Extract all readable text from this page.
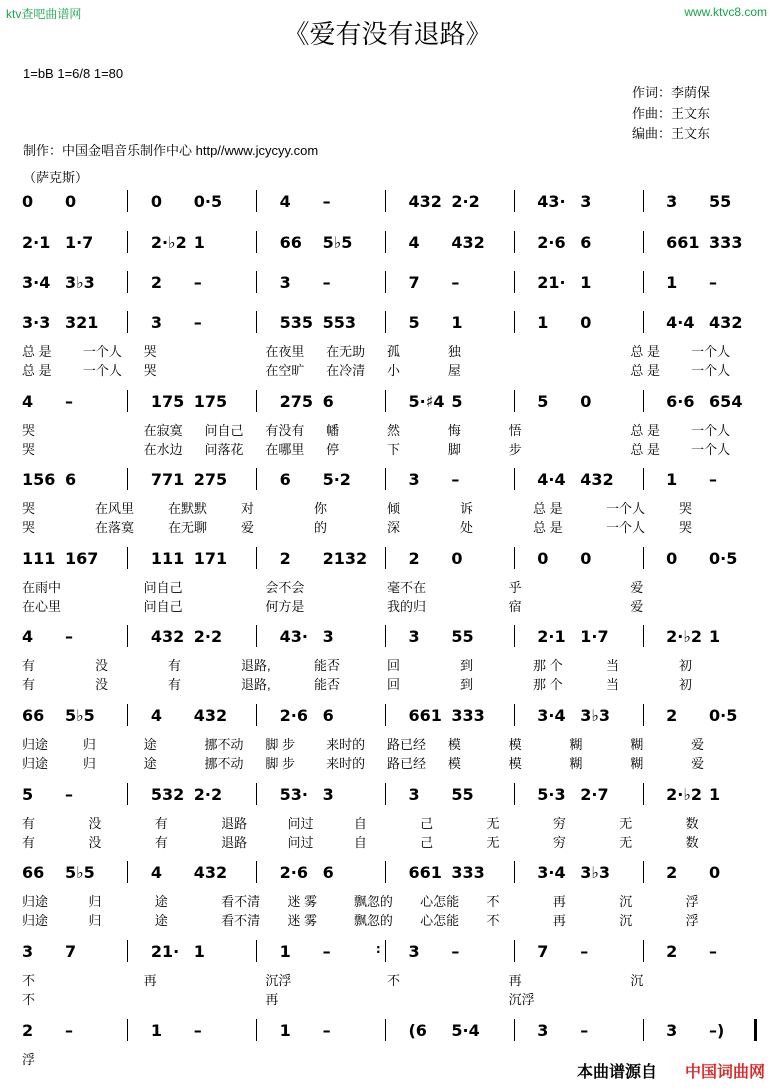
ktv查吧曲谱网	www.ktvc8.com
《爱有没有退路》
1=bB 1=6/8 1=80
作词：李荫保
作曲：王文东
编曲：王文东
制作：中国金唱音乐制作中心 http//www.jcycyy.com
（萨克斯）
0 0	0 0·5	4 –	432 2·2	43· 3	3 55
2·1 1·7	2·♭2 1	66 5♭5	4 432	2·6 6	661 333
3·4 3♭3	2 –	3 –	7 –	21· 1	1 –
3·3 321	3 –	535 553	5 1	1 0	4·4 432
总 是 一个人 哭	在夜里 在无助 孤	独	总 是 一个人
总 是 一个人 哭	在空旷 在冷清 小	屋	总 是 一个人
4 –	175 175	275 6	5·♯4 5	5 0	6·6 654
哭	在寂寞 问自己 有没有 幡	然	悔	悟	总 是 一个人
哭	在水边 问落花 在哪里 停	下	脚	步	总 是 一个人
156 6	771 275	6 5·2	3 –	4·4 432	1 –
哭	在风里	在默默	对	你	倾	诉	总 是	一个人	哭
哭	在落寞	在无聊	爱	的	深	处	总 是	一个人	哭
111 167	111 171	2 2132	2 0	0 0	0 0·5
在雨中	问自己	会不会	毫不在	乎	爱
在心里	问自己	何方是	我的归	宿	爱
4 –	432 2·2	43· 3	3 55	2·1 1·7	2·♭2 1
有	没	有	退路,	能否	回	到	那 个	当	初
有	没	有	退路,	能否	回	到	那 个	当	初
66 5♭5	4 432	2·6 6	661 333	3·4 3♭3	2 0·5
归途	归	途	挪不动 脚 步 来时的 路已经 模	模	糊	糊	爱
归途	归	途	挪不动 脚 步 来时的 路已经 模	模	糊	糊	爱
5 –	532 2·2	53· 3	3 55	5·3 2·7	2·♭2 1
有	没	有	退路	问过	自	己	无	穷	无	数
有	没	有	退路	问过	自	己	无	穷	无	数
66 5♭5	4 432	2·6 6	661 333	3·4 3♭3	2 0
归途	归	途	看不清 迷 雾	飘忽的 心怎能 不	再	沉	浮
归途	归	途	看不清 迷 雾	飘忽的 心怎能 不	再	沉	浮
3 7	21· 1	1 –	: 3 –	7 –	2 –
不	再	沉浮	不	再	沉
不	再	沉浮
2 –	1 –	1 –	(6 5·4	3 –	3 –)
浮
本曲谱源自 中国词曲网
